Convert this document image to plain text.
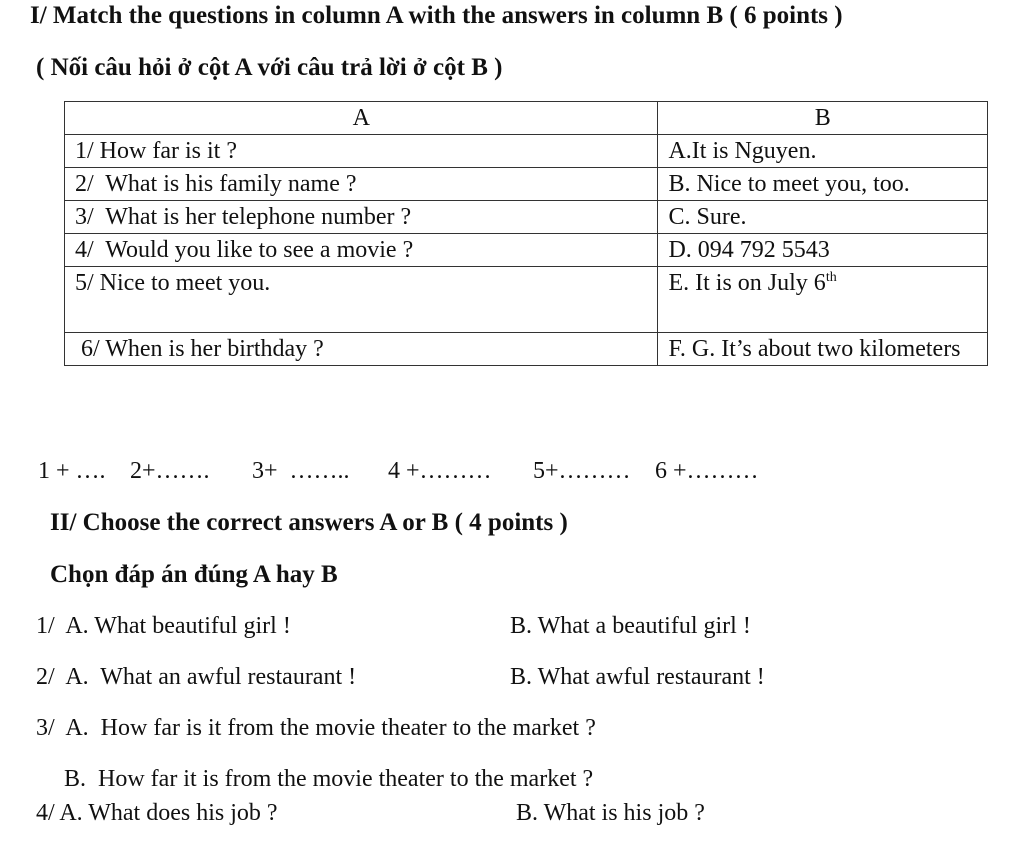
I/ Match the questions in column A with the answers in column B ( 6 points )
( Nối câu hỏi ở cột A với câu trả lời ở cột B )
A	B
1/ How far is it ?	A.It is Nguyen.
2/  What is his family name ?	B. Nice to meet you, too.
3/  What is her telephone number ?	C. Sure.
4/  Would you like to see a movie ?	D. 094 792 5543
5/ Nice to meet you.	E. It is on July 6th
6/ When is her birthday ?	F. G. It’s about two kilometers
1 + …. 2+……. 3+  …….. 4 +……… 5+……… 6 +………
II/ Choose the correct answers A or B ( 4 points )
Chọn đáp án đúng A hay B
1/  A. What beautiful girl !	B. What a beautiful girl !
2/  A.  What an awful restaurant !	B. What awful restaurant !
3/  A.  How far is it from the movie theater to the market ?
B.  How far it is from the movie theater to the market ?
4/ A. What does his job ?	B. What is his job ?
